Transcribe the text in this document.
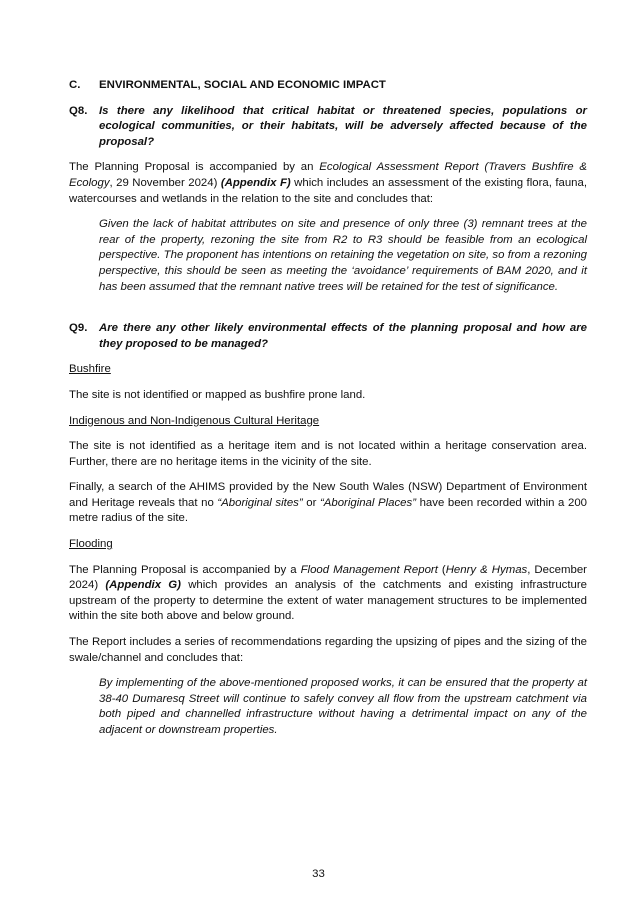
C.	ENVIRONMENTAL, SOCIAL AND ECONOMIC IMPACT
Q8.	Is there any likelihood that critical habitat or threatened species, populations or ecological communities, or their habitats, will be adversely affected because of the proposal?

The Planning Proposal is accompanied by an Ecological Assessment Report (Travers Bushfire & Ecology, 29 November 2024) (Appendix F) which includes an assessment of the existing flora, fauna, watercourses and wetlands in the relation to the site and concludes that:

Given the lack of habitat attributes on site and presence of only three (3) remnant trees at the rear of the property, rezoning the site from R2 to R3 should be feasible from an ecological perspective. The proponent has intentions on retaining the vegetation on site, so from a rezoning perspective, this should be seen as meeting the ‘avoidance’ requirements of BAM 2020, and it has been assumed that the remnant native trees will be retained for the test of significance.
Q9.	Are there any other likely environmental effects of the planning proposal and how are they proposed to be managed?
Bushfire

The site is not identified or mapped as bushfire prone land.

Indigenous and Non-Indigenous Cultural Heritage

The site is not identified as a heritage item and is not located within a heritage conservation area. Further, there are no heritage items in the vicinity of the site.

Finally, a search of the AHIMS provided by the New South Wales (NSW) Department of Environment and Heritage reveals that no “Aboriginal sites” or “Aboriginal Places” have been recorded within a 200 metre radius of the site.

Flooding

The Planning Proposal is accompanied by a Flood Management Report (Henry & Hymas, December 2024) (Appendix G) which provides an analysis of the catchments and existing infrastructure upstream of the property to determine the extent of water management structures to be implemented within the site both above and below ground.

The Report includes a series of recommendations regarding the upsizing of pipes and the sizing of the swale/channel and concludes that:

By implementing of the above-mentioned proposed works, it can be ensured that the property at 38-40 Dumaresq Street will continue to safely convey all flow from the upstream catchment via both piped and channelled infrastructure without having a detrimental impact on any of the adjacent or downstream properties.
33
